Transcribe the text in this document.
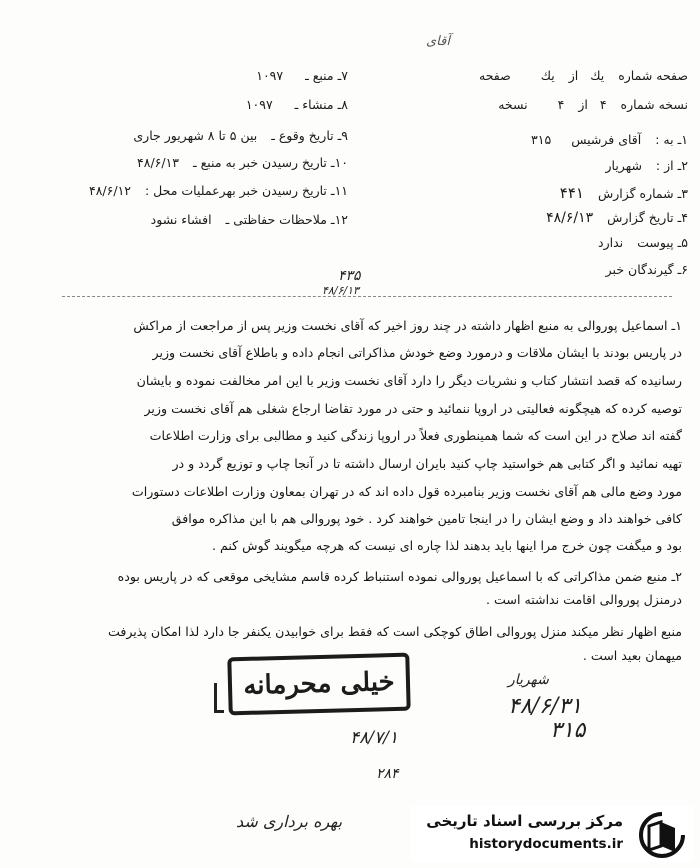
آقای
صفحه شماره یك از یك صفحه
نسخه شماره ۴ از ۴ نسخه
۱ـ به : آقای فرشیس ۳۱۵
۲ـ از : شهریار
۳ـ شماره گزارش ۴۴۱
۴ـ تاریخ گزارش ۴۸/۶/۱۳
۵ـ پیوست ندارد
۶ـ گیرندگان خبر
۷ـ منبع ـ ۱۰۹۷
۸ـ منشاء ـ ۱۰۹۷
۹ـ تاریخ وقوع ـ بین ۵ تا ۸ شهریور جاری
۱۰ـ تاریخ رسیدن خبر به منبع ـ ۴۸/۶/۱۳
۱۱ـ تاریخ رسیدن خبر بهرعملیات محل : ۴۸/۶/۱۲
۱۲ـ ملاحظات حفاظتی ـ افشاء نشود
۴۳۵
۴۸/۶/۱۳
۱ـ اسماعیل پوروالی به منبع اظهار داشته در چند روز اخیر که آقای نخست وزیر پس از مراجعت از مراکش
در پاریس بودند با ایشان ملاقات و درمورد وضع خودش مذاکراتی انجام داده و باطلاع آقای نخست وزیر
رسانیده که قصد انتشار کتاب و نشریات دیگر را دارد آقای نخست وزیر با این امر مخالفت نموده و بایشان
توصیه کرده که هیچگونه فعالیتی در اروپا ننمائید و حتی در مورد تقاضا ارجاع شغلی هم آقای نخست وزیر
گفته اند صلاح در این است که شما همینطوری فعلاً در اروپا زندگی کنید و مطالبی برای وزارت اطلاعات
تهیه نمائید و اگر کتابی هم خواستید چاپ کنید بایران ارسال داشته تا در آنجا چاپ و توزیع گردد و در
مورد وضع مالی هم آقای نخست وزیر بنامبرده قول داده اند که در تهران بمعاون وزارت اطلاعات دستورات
کافی خواهند داد و وضع ایشان را در اینجا تامین خواهند کرد . خود پوروالی هم با این مذاکره موافق
بود و میگفت چون خرج مرا اینها باید بدهند لذا چاره ای نیست که هرچه میگویند گوش کنم .
۲ـ منبع ضمن مذاکراتی که با اسماعیل پوروالی نموده استنباط کرده قاسم مشایخی موقعی که در پاریس بوده
درمنزل پوروالی اقامت نداشته است .
منبع اظهار نظر میکند منزل پوروالی اطاق کوچکی است که فقط برای خوابیدن یکنفر جا دارد لذا امکان پذیرفت
میهمان بعید است .
شهریار
۴۸/۶/۳۱
۳۱۵
خیلی محرمانه
۴۸/۷/۱
۲۸۴
بهره برداری شد	مرکز بررسی اسناد تاریخی
historydocuments.ir
